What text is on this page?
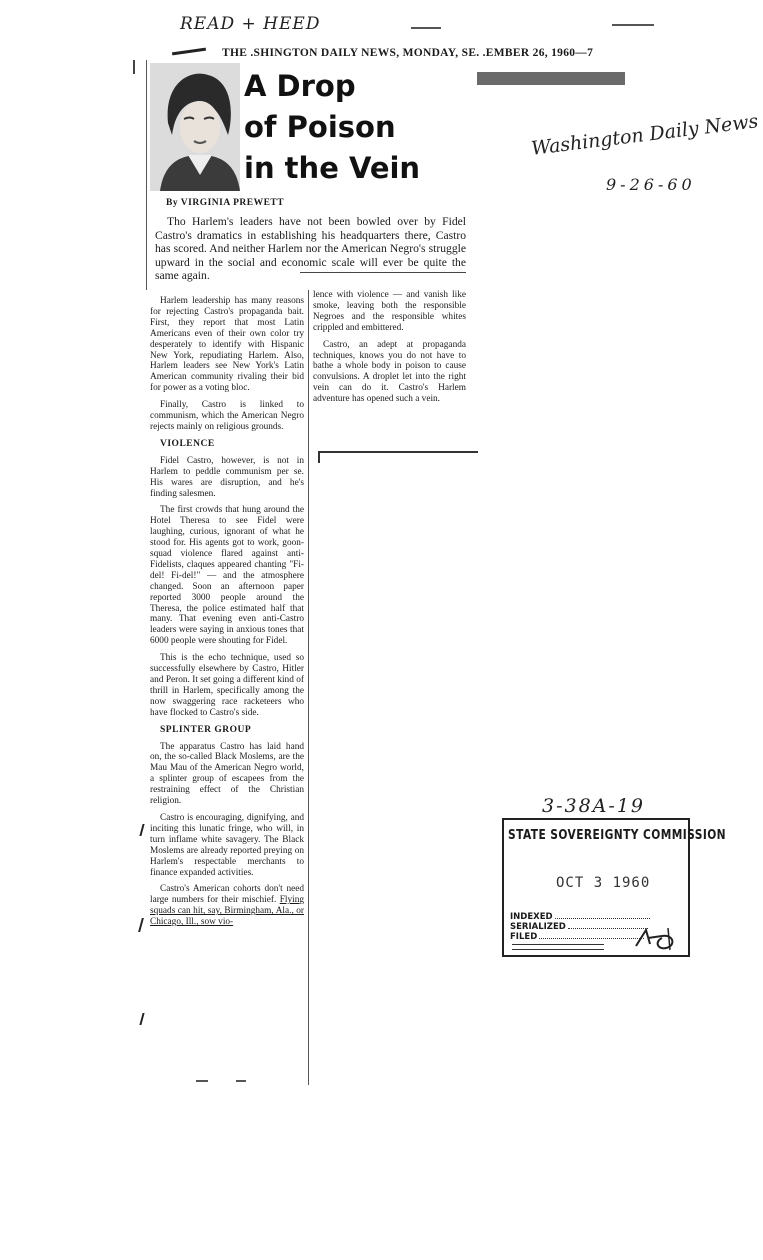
READ + HEED
THE .SHINGTON DAILY NEWS, MONDAY, SE. .EMBER 26, 1960—7
A Drop
of Poison
in the Vein
Washington Daily News
9-26-60
By VIRGINIA PREWETT
Tho Harlem's leaders have not been bowled over by Fidel Castro's dramatics in establishing his headquarters there, Castro has scored. And neither Harlem nor the American Negro's struggle upward in the social and economic scale will ever be quite the same again.

Harlem leadership has many reasons for rejecting Castro's propaganda bait. First, they report that most Latin Americans even of their own color try desperately to identify with Hispanic New York, repudiating Harlem. Also, Harlem leaders see New York's Latin American community rivaling their bid for power as a voting bloc.

Finally, Castro is linked to communism, which the American Negro rejects mainly on religious grounds.

VIOLENCE

Fidel Castro, however, is not in Harlem to peddle communism per se. His wares are disruption, and he's finding salesmen.

The first crowds that hung around the Hotel Theresa to see Fidel were laughing, curious, ignorant of what he stood for. His agents got to work, goon-squad violence flared against anti-Fidelists, claques appeared chanting "Fi-del! Fi-del!" — and the atmosphere changed. Soon an afternoon paper reported 3000 people around the Theresa, the police estimated half that many. That evening even anti-Castro leaders were saying in anxious tones that 6000 people were shouting for Fidel.

This is the echo technique, used so successfully elsewhere by Castro, Hitler and Peron. It set going a different kind of thrill in Harlem, specifically among the now swaggering race racketeers who have flocked to Castro's side.

SPLINTER GROUP

The apparatus Castro has laid hand on, the so-called Black Moslems, are the Mau Mau of the American Negro world, a splinter group of escapees from the restraining effect of the Christian religion.

Castro is encouraging, dignifying, and inciting this lunatic fringe, who will, in turn inflame white savagery. The Black Moslems are already reported preying on Harlem's respectable merchants to finance expanded activities.

Castro's American cohorts don't need large numbers for their mischief. Flying squads can hit, say, Birmingham, Ala., or Chicago, Ill., sow vio-

lence with violence — and vanish like smoke, leaving both the responsible Negroes and the responsible whites crippled and embittered.

Castro, an adept at propaganda techniques, knows you do not have to bathe a whole body in poison to cause convulsions. A droplet let into the right vein can do it. Castro's Harlem adventure has opened such a vein.

3-38A-19
STATE SOVEREIGNTY COMMISSION
OCT 3 1960
INDEXED
SERIALIZED
FILED
